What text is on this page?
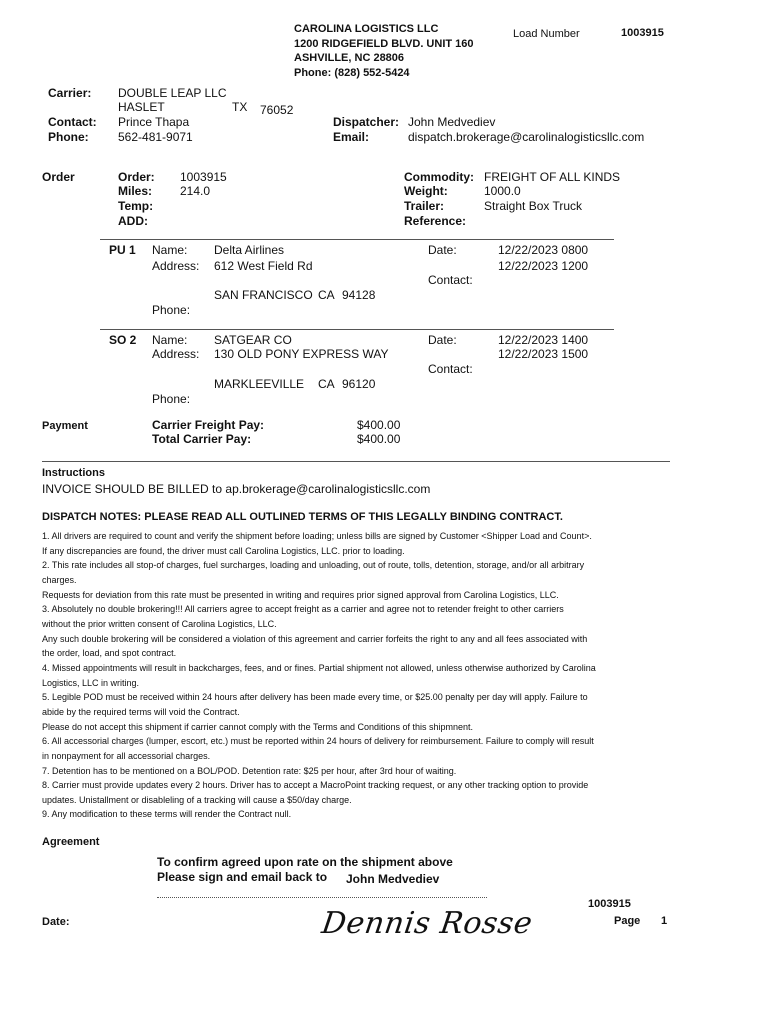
CAROLINA LOGISTICS LLC
1200 RIDGEFIELD BLVD. UNIT 160
ASHVILLE, NC 28806
Phone: (828) 552-5424
Load Number	1003915
Carrier: DOUBLE LEAP LLC
HASLET	TX 76052
Contact: Prince Thapa
Phone: 562-481-9071
Dispatcher: John Medvediev
Email:	dispatch.brokerage@carolinalogisticsllc.com
Order	Order: 1003915
Miles: 214.0
Temp:
ADD:
Commodity: FREIGHT OF ALL KINDS
Weight:	1000.0
Trailer:	Straight Box Truck
Reference:
PU 1 Name: Delta Airlines
Address: 612 West Field Rd
SAN FRANCISCO CA 94128
Phone:
Date:	12/22/2023 0800
12/22/2023 1200
Contact:
SO 2 Name: SATGEAR CO
Address: 130 OLD PONY EXPRESS WAY
MARKLEEVILLE CA 96120
Phone:
Date:	12/22/2023 1400
12/22/2023 1500
Contact:
Payment	Carrier Freight Pay:	$400.00
Total Carrier Pay:	$400.00
Instructions
INVOICE SHOULD BE BILLED to ap.brokerage@carolinalogisticsllc.com
DISPATCH NOTES: PLEASE READ ALL OUTLINED TERMS OF THIS LEGALLY BINDING CONTRACT.
1. All drivers are required to count and verify the shipment before loading; unless bills are signed by Customer <Shipper Load and Count>.
If any discrepancies are found, the driver must call Carolina Logistics, LLC. prior to loading.
2. This rate includes all stop-of charges, fuel surcharges, loading and unloading, out of route, tolls, detention, storage, and/or all arbitrary
charges.
Requests for deviation from this rate must be presented in writing and requires prior signed approval from Carolina Logistics, LLC.
3. Absolutely no double brokering!!! All carriers agree to accept freight as a carrier and agree not to retender freight to other carriers
without the prior written consent of Carolina Logistics, LLC.
Any such double brokering will be considered a violation of this agreement and carrier forfeits the right to any and all fees associated with
the order, load, and spot contract.
4. Missed appointments will result in backcharges, fees, and or fines. Partial shipment not allowed, unless otherwise authorized by Carolina
Logistics, LLC in writing.
5. Legible POD must be received within 24 hours after delivery has been made every time, or $25.00 penalty per day will apply. Failure to
abide by the required terms will void the Contract.
Please do not accept this shipment if carrier cannot comply with the Terms and Conditions of this shipmnent.
6. All accessorial charges (lumper, escort, etc.) must be reported within 24 hours of delivery for reimbursement. Failure to comply will result
in nonpayment for all accessorial charges.
7. Detention has to be mentioned on a BOL/POD. Detention rate: $25 per hour, after 3rd hour of waiting.
8. Carrier must provide updates every 2 hours. Driver has to accept a MacroPoint tracking request, or any other tracking option to provide
updates. Unistallment or disableling of a tracking will cause a $50/day charge.
9. Any modification to these terms will render the Contract null.
Agreement
To confirm agreed upon rate on the shipment above
Please sign and email back to John Medvediev
Date:	Dennis Rosse
1003915
Page 1
